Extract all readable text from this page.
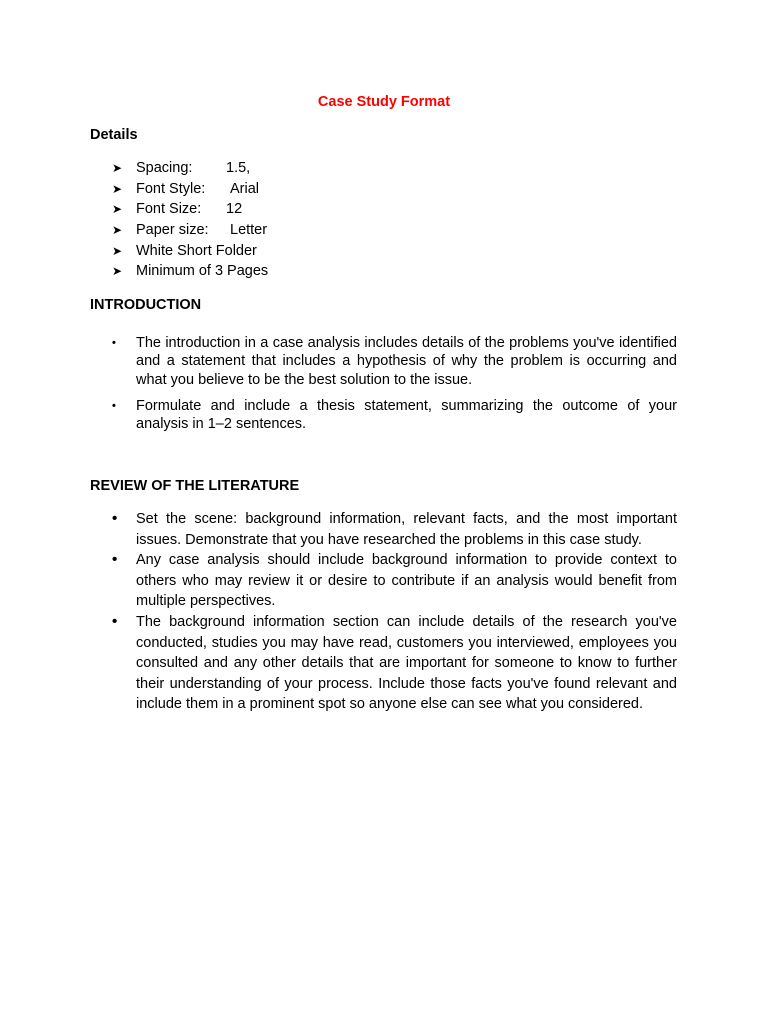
Case Study Format
Details
➤ Spacing: 1.5,
➤ Font Style: Arial
➤ Font Size: 12
➤ Paper size: Letter
➤ White Short Folder
➤ Minimum of 3 Pages
INTRODUCTION
• The introduction in a case analysis includes details of the problems you've identified and a statement that includes a hypothesis of why the problem is occurring and what you believe to be the best solution to the issue.

• Formulate and include a thesis statement, summarizing the outcome of your analysis in 1–2 sentences.

REVIEW OF THE LITERATURE
• Set the scene: background information, relevant facts, and the most important issues. Demonstrate that you have researched the problems in this case study.

• Any case analysis should include background information to provide context to others who may review it or desire to contribute if an analysis would benefit from multiple perspectives.

• The background information section can include details of the research you've conducted, studies you may have read, customers you interviewed, employees you consulted and any other details that are important for someone to know to further their understanding of your process. Include those facts you've found relevant and include them in a prominent spot so anyone else can see what you considered.
